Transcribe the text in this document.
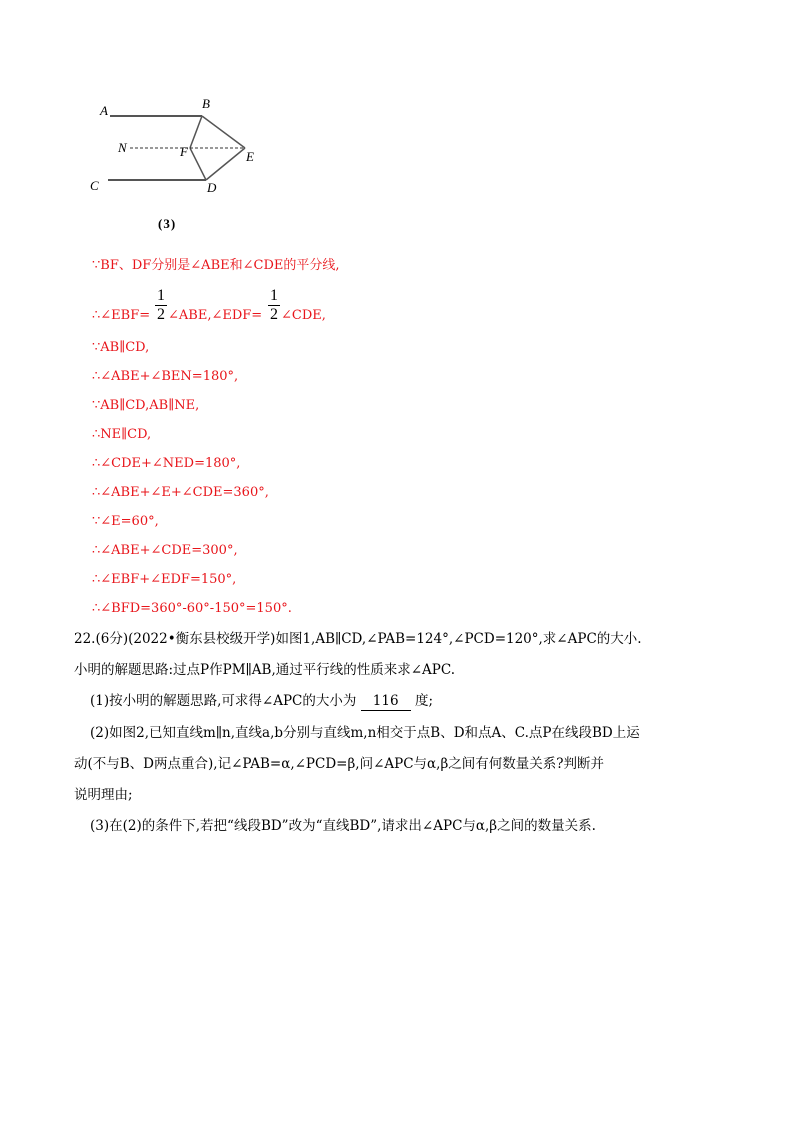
A	B
N	F	E
C	D
(3)
∵BF、DF分别是∠ABE和∠CDE的平分线,
∴∠EBF=
1
2 ∠ABE,∠EDF=
1
2 ∠CDE,
∵AB∥CD,
∴∠ABE+∠BEN=180°,
∵AB∥CD,AB∥NE,
∴NE∥CD,
∴∠CDE+∠NED=180°,
∴∠ABE+∠E+∠CDE=360°,
∵∠E=60°,
∴∠ABE+∠CDE=300°,
∴∠EBF+∠EDF=150°,
∴∠BFD=360°-60°-150°=150°.
22.(6分)(2022•衡东县校级开学)如图1,AB∥CD,∠PAB=124°,∠PCD=120°,求∠APC的大小.
小明的解题思路:过点P作PM∥AB,通过平行线的性质来求∠APC.
(1)按小明的解题思路,可求得∠APC的大小为 116 度;
(2)如图2,已知直线m∥n,直线a,b分别与直线m,n相交于点B、D和点A、C.点P在线段BD上运
动(不与B、D两点重合),记∠PAB=α,∠PCD=β,问∠APC与α,β之间有何数量关系?判断并
说明理由;
(3)在(2)的条件下,若把“线段BD”改为“直线BD”,请求出∠APC与α,β之间的数量关系.
